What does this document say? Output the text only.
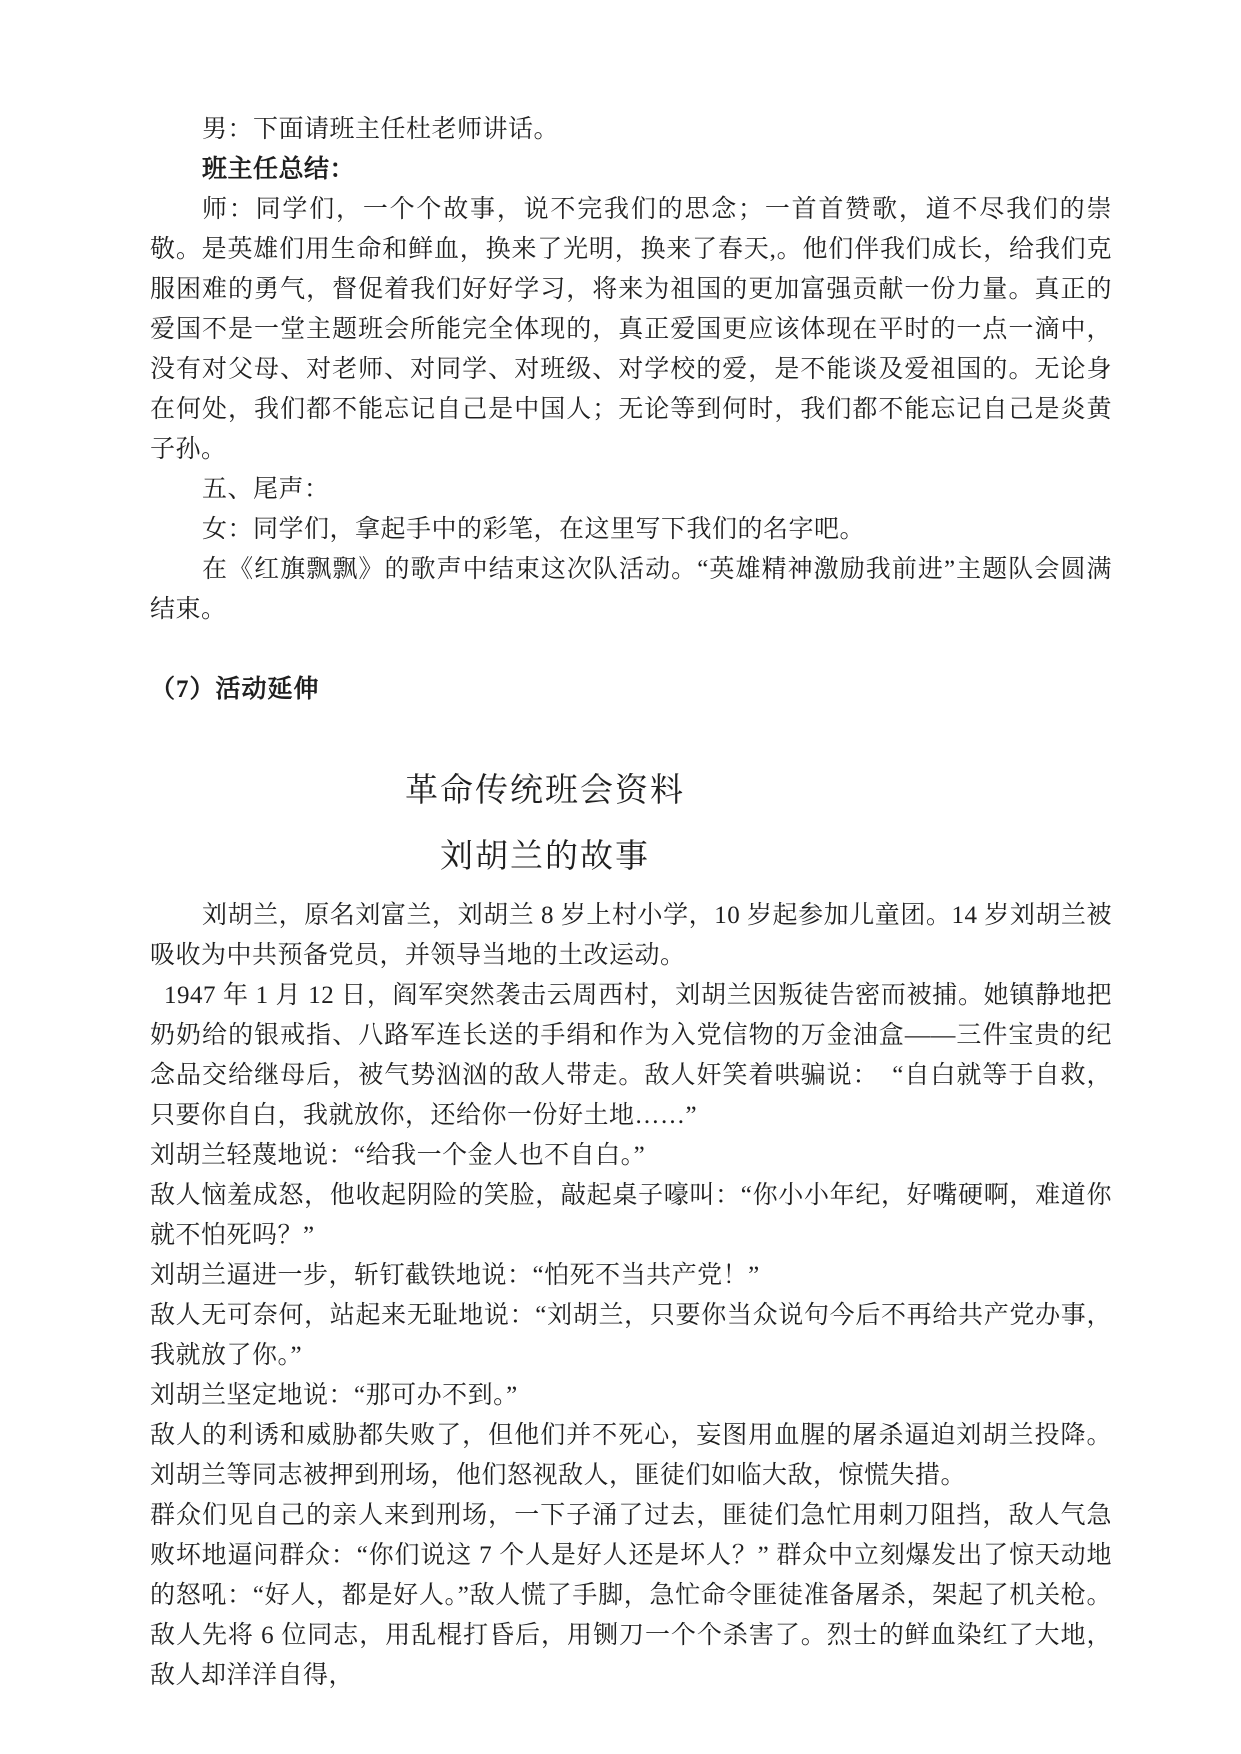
男：下面请班主任杜老师讲话。

班主任总结：

师：同学们，一个个故事，说不完我们的思念；一首首赞歌，道不尽我们的崇敬。是英雄们用生命和鲜血，换来了光明，换来了春天,。他们伴我们成长，给我们克服困难的勇气，督促着我们好好学习，将来为祖国的更加富强贡献一份力量。真正的爱国不是一堂主题班会所能完全体现的，真正爱国更应该体现在平时的一点一滴中，没有对父母、对老师、对同学、对班级、对学校的爱，是不能谈及爱祖国的。无论身在何处，我们都不能忘记自己是中国人；无论等到何时，我们都不能忘记自己是炎黄子孙。

五、尾声：

女：同学们，拿起手中的彩笔，在这里写下我们的名字吧。

在《红旗飘飘》的歌声中结束这次队活动。“英雄精神激励我前进”主题队会圆满结束。

（7）活动延伸

革命传统班会资料
刘胡兰的故事

刘胡兰，原名刘富兰，刘胡兰 8 岁上村小学，10 岁起参加儿童团。14 岁刘胡兰被吸收为中共预备党员，并领导当地的土改运动。

1947 年 1 月 12 日，阎军突然袭击云周西村，刘胡兰因叛徒告密而被捕。她镇静地把奶奶给的银戒指、八路军连长送的手绢和作为入党信物的万金油盒——三件宝贵的纪念品交给继母后，被气势汹汹的敌人带走。敌人奸笑着哄骗说：　“自白就等于自救，只要你自白，我就放你，还给你一份好土地……”

刘胡兰轻蔑地说：“给我一个金人也不自白。”

敌人恼羞成怒，他收起阴险的笑脸，敲起桌子嚎叫：“你小小年纪，好嘴硬啊，难道你就不怕死吗？”

刘胡兰逼进一步，斩钉截铁地说：“怕死不当共产党！”

敌人无可奈何，站起来无耻地说：“刘胡兰，只要你当众说句今后不再给共产党办事，我就放了你。”

刘胡兰坚定地说：“那可办不到。”

敌人的利诱和威胁都失败了，但他们并不死心，妄图用血腥的屠杀逼迫刘胡兰投降。刘胡兰等同志被押到刑场，他们怒视敌人，匪徒们如临大敌，惊慌失措。

群众们见自己的亲人来到刑场，一下子涌了过去，匪徒们急忙用刺刀阻挡，敌人气急败坏地逼问群众：“你们说这 7 个人是好人还是坏人？” 群众中立刻爆发出了惊天动地的怒吼：“好人，都是好人。”敌人慌了手脚，急忙命令匪徒准备屠杀，架起了机关枪。敌人先将 6 位同志，用乱棍打昏后，用铡刀一个个杀害了。烈士的鲜血染红了大地，敌人却洋洋自得，
